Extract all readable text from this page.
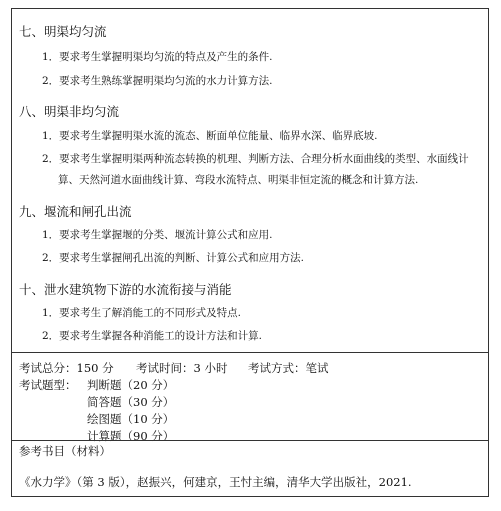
七、明渠均匀流
1．要求考生掌握明渠均匀流的特点及产生的条件.
2．要求考生熟练掌握明渠均匀流的水力计算方法.
八、明渠非均匀流
1．要求考生掌握明渠水流的流态、断面单位能量、临界水深、临界底坡.
2．要求考生掌握明渠两种流态转换的机理、判断方法、合理分析水面曲线的类型、水面线计
算、天然河道水面曲线计算、弯段水流特点、明渠非恒定流的概念和计算方法.
九、堰流和闸孔出流
1．要求考生掌握堰的分类、堰流计算公式和应用.
2．要求考生掌握闸孔出流的判断、计算公式和应用方法.
十、泄水建筑物下游的水流衔接与消能
1．要求考生了解消能工的不同形式及特点.
2．要求考生掌握各种消能工的设计方法和计算.
考试总分：150 分 考试时间：3 小时 考试方式：笔试
考试题型： 判断题（20 分）
简答题（30 分）
绘图题（10 分）
计算题（90 分）
参考书目（材料）
《水力学》（第 3 版），赵振兴，何建京，王忖主编，清华大学出版社，2021.
